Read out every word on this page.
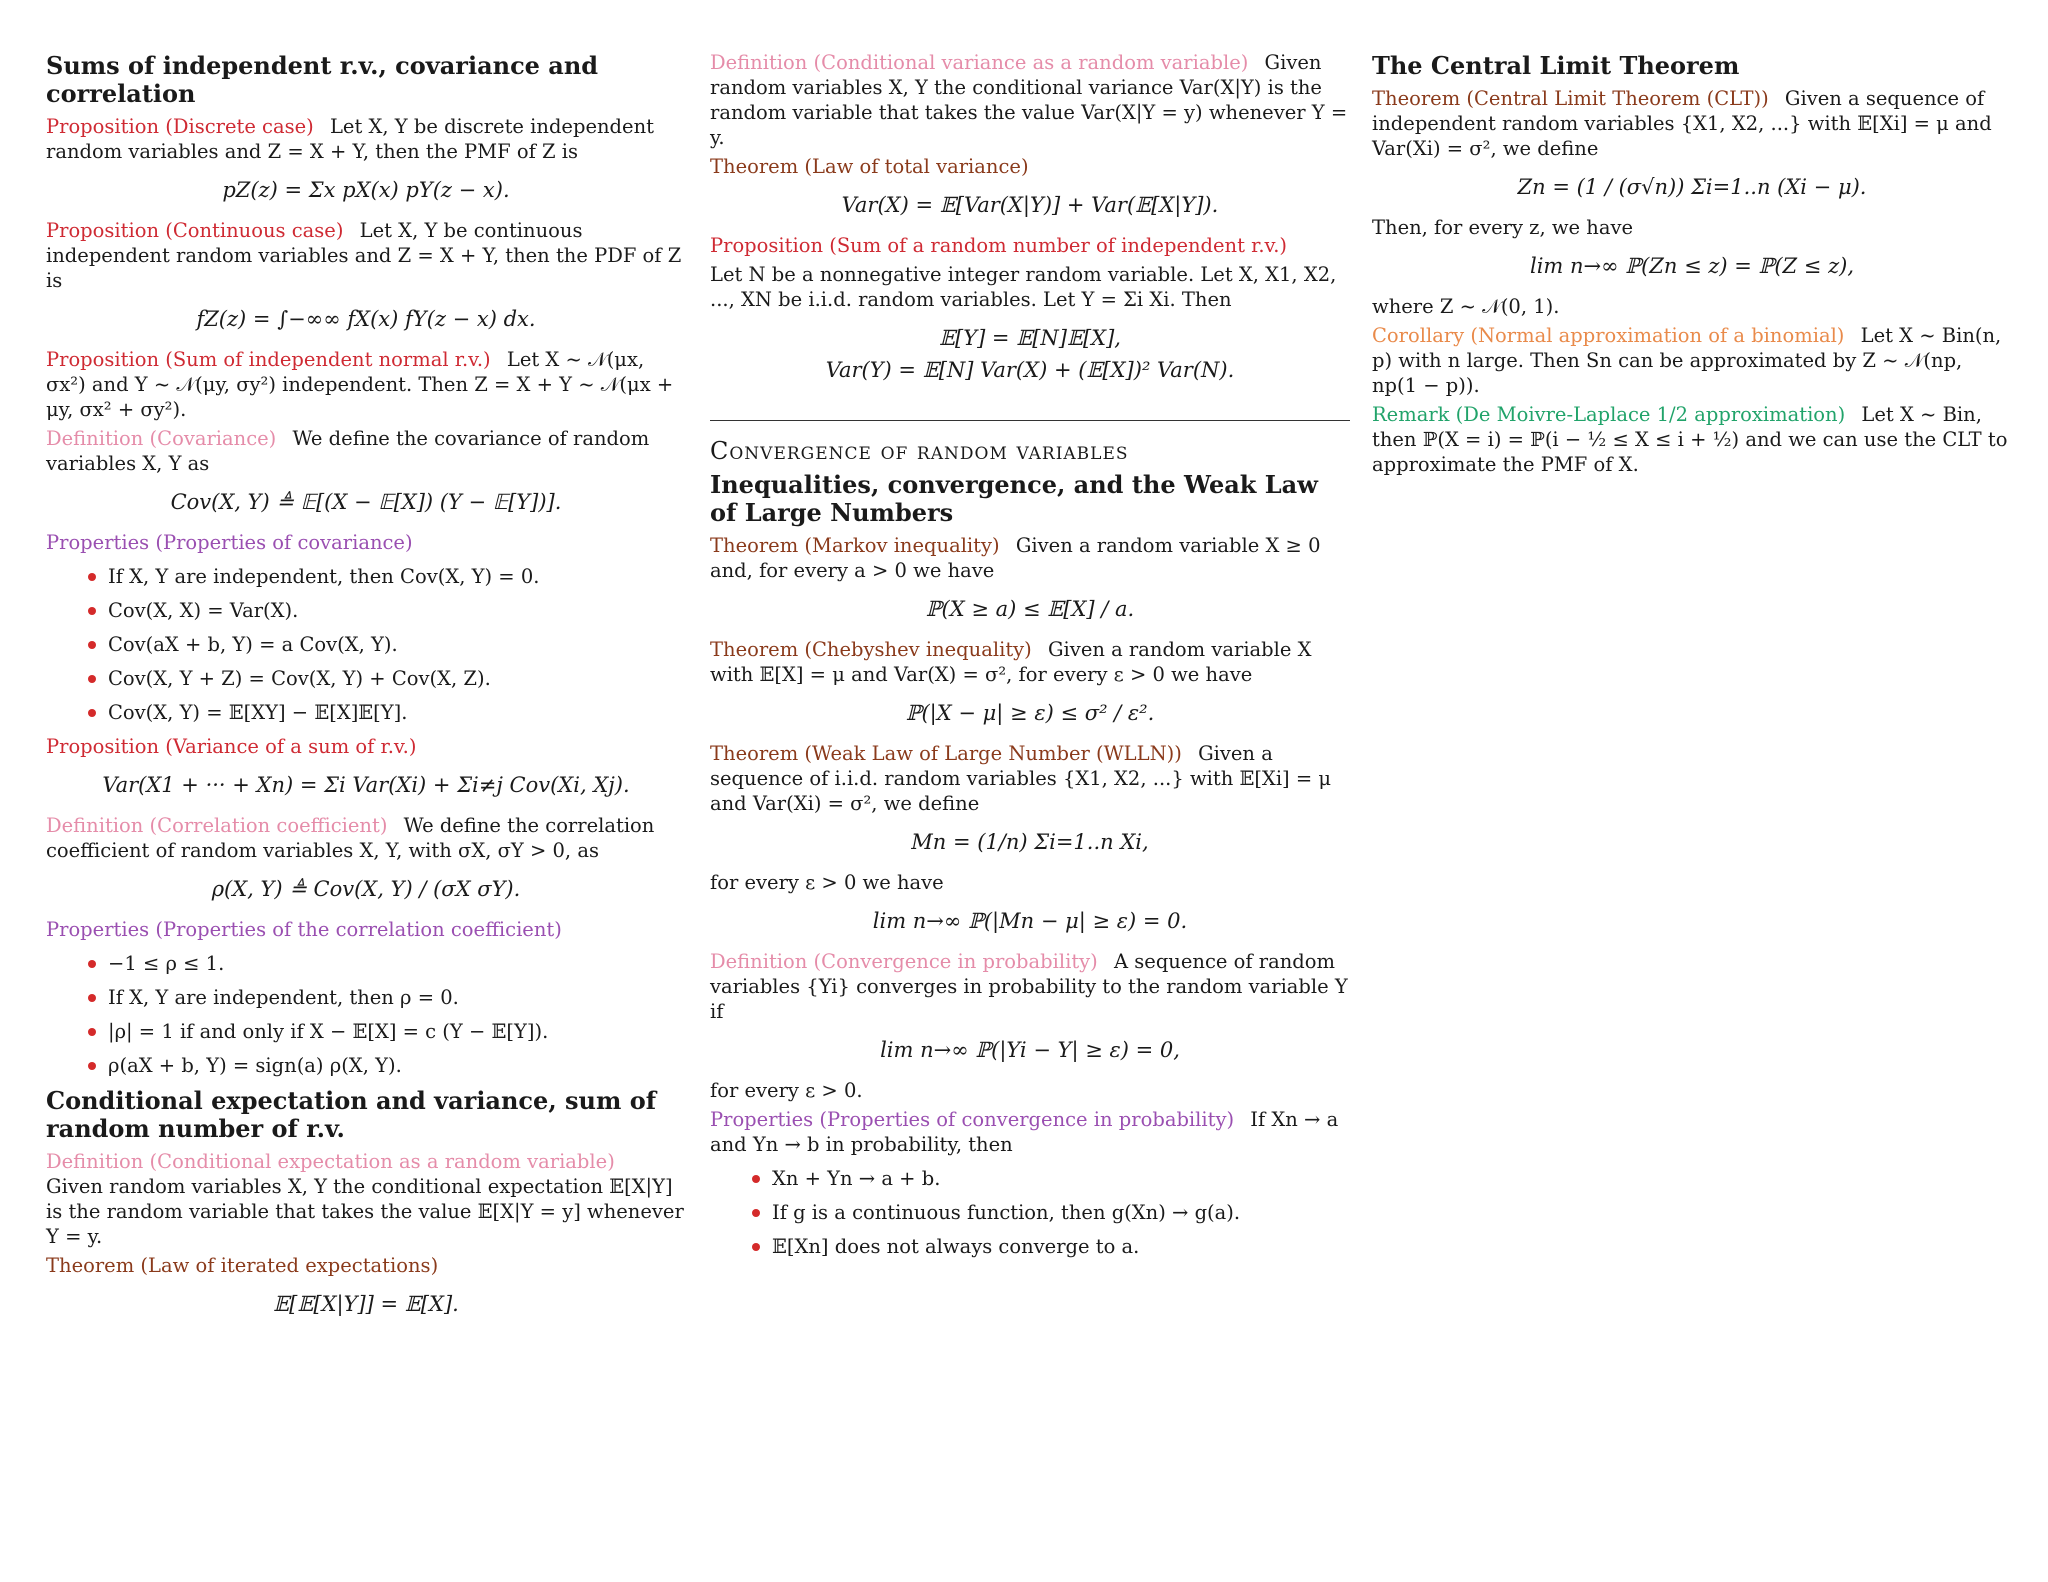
Sums of independent r.v., covariance and correlation
Proposition (Discrete case) Let X, Y be discrete independent random variables and Z = X + Y, then the PMF of Z is
pZ(z) = Σx pX(x) pY(z − x).
Proposition (Continuous case) Let X, Y be continuous independent random variables and Z = X + Y, then the PDF of Z is
fZ(z) = ∫−∞∞ fX(x) fY(z − x) dx.
Proposition (Sum of independent normal r.v.) Let X ~ 𝒩(μx, σx²) and Y ~ 𝒩(μy, σy²) independent. Then Z = X + Y ~ 𝒩(μx + μy, σx² + σy²).
Definition (Covariance) We define the covariance of random variables X, Y as
Cov(X, Y) ≜ 𝔼[(X − 𝔼[X]) (Y − 𝔼[Y])].
Properties (Properties of covariance)
If X, Y are independent, then Cov(X, Y) = 0.
Cov(X, X) = Var(X).
Cov(aX + b, Y) = a Cov(X, Y).
Cov(X, Y + Z) = Cov(X, Y) + Cov(X, Z).
Cov(X, Y) = 𝔼[XY] − 𝔼[X]𝔼[Y].
Proposition (Variance of a sum of r.v.)
Var(X1 + ··· + Xn) = Σi Var(Xi) + Σi≠j Cov(Xi, Xj).
Definition (Correlation coefficient) We define the correlation coefficient of random variables X, Y, with σX, σY > 0, as
ρ(X, Y) ≜ Cov(X, Y) / (σX σY).
Properties (Properties of the correlation coefficient)
−1 ≤ ρ ≤ 1.
If X, Y are independent, then ρ = 0.
|ρ| = 1 if and only if X − 𝔼[X] = c (Y − 𝔼[Y]).
ρ(aX + b, Y) = sign(a) ρ(X, Y).
Conditional expectation and variance, sum of random number of r.v.
Definition (Conditional expectation as a random variable) Given random variables X, Y the conditional expectation 𝔼[X|Y] is the random variable that takes the value 𝔼[X|Y = y] whenever Y = y.
Theorem (Law of iterated expectations)
𝔼[𝔼[X|Y]] = 𝔼[X].
Definition (Conditional variance as a random variable) Given random variables X, Y the conditional variance Var(X|Y) is the random variable that takes the value Var(X|Y = y) whenever Y = y.
Theorem (Law of total variance)
Var(X) = 𝔼[Var(X|Y)] + Var(𝔼[X|Y]).
Proposition (Sum of a random number of independent r.v.)
Let N be a nonnegative integer random variable. Let X, X1, X2, ..., XN be i.i.d. random variables. Let Y = Σi Xi. Then
𝔼[Y] = 𝔼[N]𝔼[X],
Var(Y) = 𝔼[N] Var(X) + (𝔼[X])² Var(N).
Convergence of random variables
Inequalities, convergence, and the Weak Law of Large Numbers
Theorem (Markov inequality) Given a random variable X ≥ 0 and, for every a > 0 we have
ℙ(X ≥ a) ≤ 𝔼[X] / a.
Theorem (Chebyshev inequality) Given a random variable X with 𝔼[X] = μ and Var(X) = σ², for every ε > 0 we have
ℙ(|X − μ| ≥ ε) ≤ σ² / ε².
Theorem (Weak Law of Large Number (WLLN)) Given a sequence of i.i.d. random variables {X1, X2, ...} with 𝔼[Xi] = μ and Var(Xi) = σ², we define
Mn = (1/n) Σi=1..n Xi,
for every ε > 0 we have
lim n→∞ ℙ(|Mn − μ| ≥ ε) = 0.
Definition (Convergence in probability) A sequence of random variables {Yi} converges in probability to the random variable Y if
lim n→∞ ℙ(|Yi − Y| ≥ ε) = 0,
for every ε > 0.
Properties (Properties of convergence in probability) If Xn → a and Yn → b in probability, then
Xn + Yn → a + b.
If g is a continuous function, then g(Xn) → g(a).
𝔼[Xn] does not always converge to a.
The Central Limit Theorem
Theorem (Central Limit Theorem (CLT)) Given a sequence of independent random variables {X1, X2, ...} with 𝔼[Xi] = μ and Var(Xi) = σ², we define
Zn = (1 / (σ√n)) Σi=1..n (Xi − μ).
Then, for every z, we have
lim n→∞ ℙ(Zn ≤ z) = ℙ(Z ≤ z),
where Z ~ 𝒩(0, 1).
Corollary (Normal approximation of a binomial) Let X ~ Bin(n, p) with n large. Then Sn can be approximated by Z ~ 𝒩(np, np(1 − p)).
Remark (De Moivre-Laplace 1/2 approximation) Let X ~ Bin, then ℙ(X = i) = ℙ(i − ½ ≤ X ≤ i + ½) and we can use the CLT to approximate the PMF of X.
